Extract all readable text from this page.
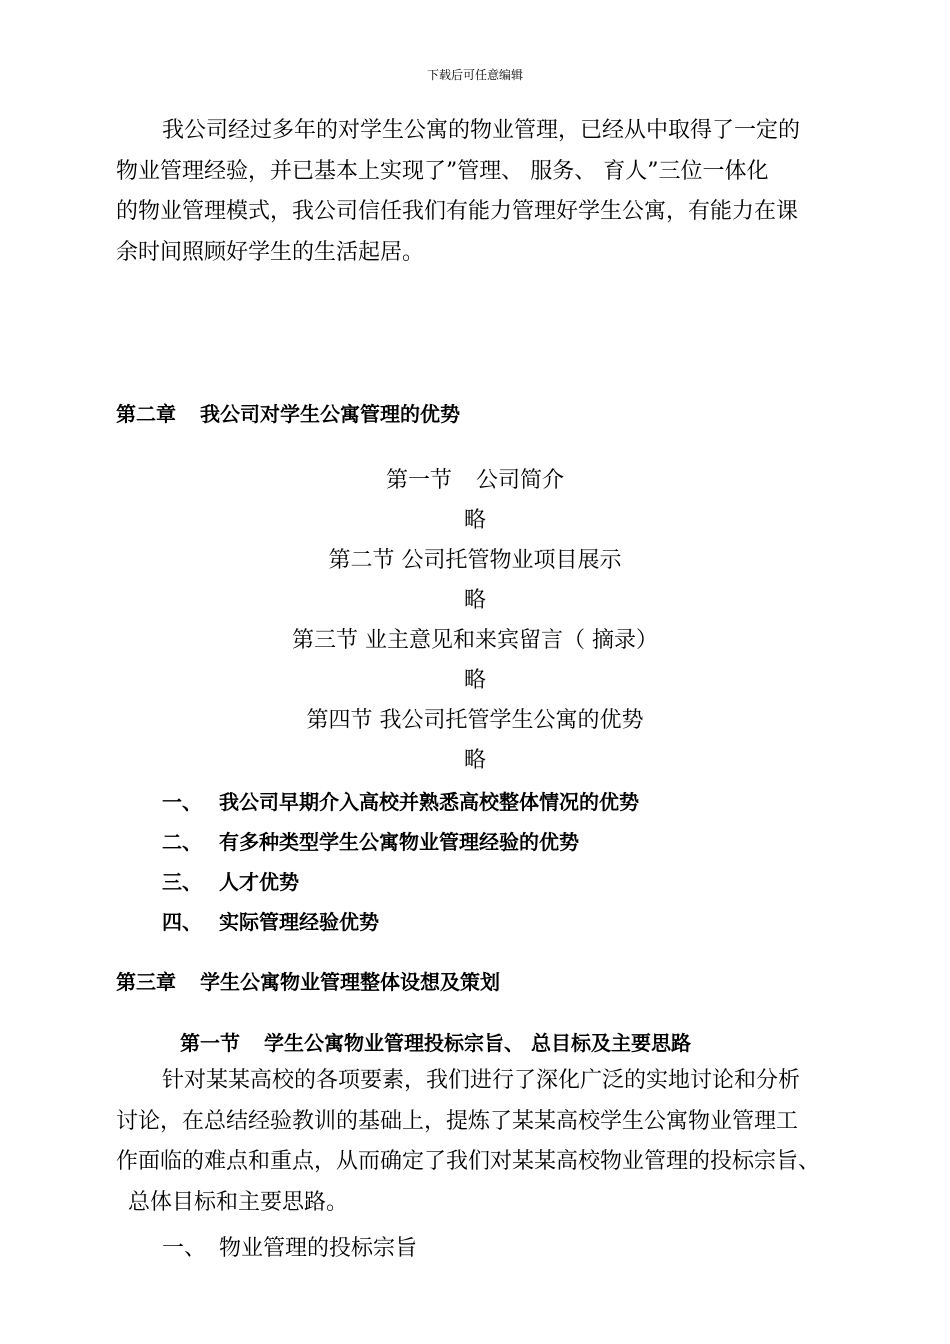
下载后可任意编辑

我公司经过多年的对学生公寓的物业管理，已经从中取得了一定的
物业管理经验，并已基本上实现了”管理、 服务、 育人”三位一体化
的物业管理模式，我公司信任我们有能力管理好学生公寓，有能力在课
余时间照顾好学生的生活起居。

第二章 我公司对学生公寓管理的优势
第一节 公司简介
略
第二节 公司托管物业项目展示
略
第三节 业主意见和来宾留言（ 摘录）
略
第四节 我公司托管学生公寓的优势
略
一、 我公司早期介入高校并熟悉高校整体情况的优势
二、 有多种类型学生公寓物业管理经验的优势
三、 人才优势
四、 实际管理经验优势
第三章 学生公寓物业管理整体设想及策划
第一节 学生公寓物业管理投标宗旨、 总目标及主要思路

针对某某高校的各项要素，我们进行了深化广泛的实地讨论和分析
讨论，在总结经验教训的基础上，提炼了某某高校学生公寓物业管理工
作面临的难点和重点，从而确定了我们对某某高校物业管理的投标宗旨、
总体目标和主要思路。

一、 物业管理的投标宗旨
